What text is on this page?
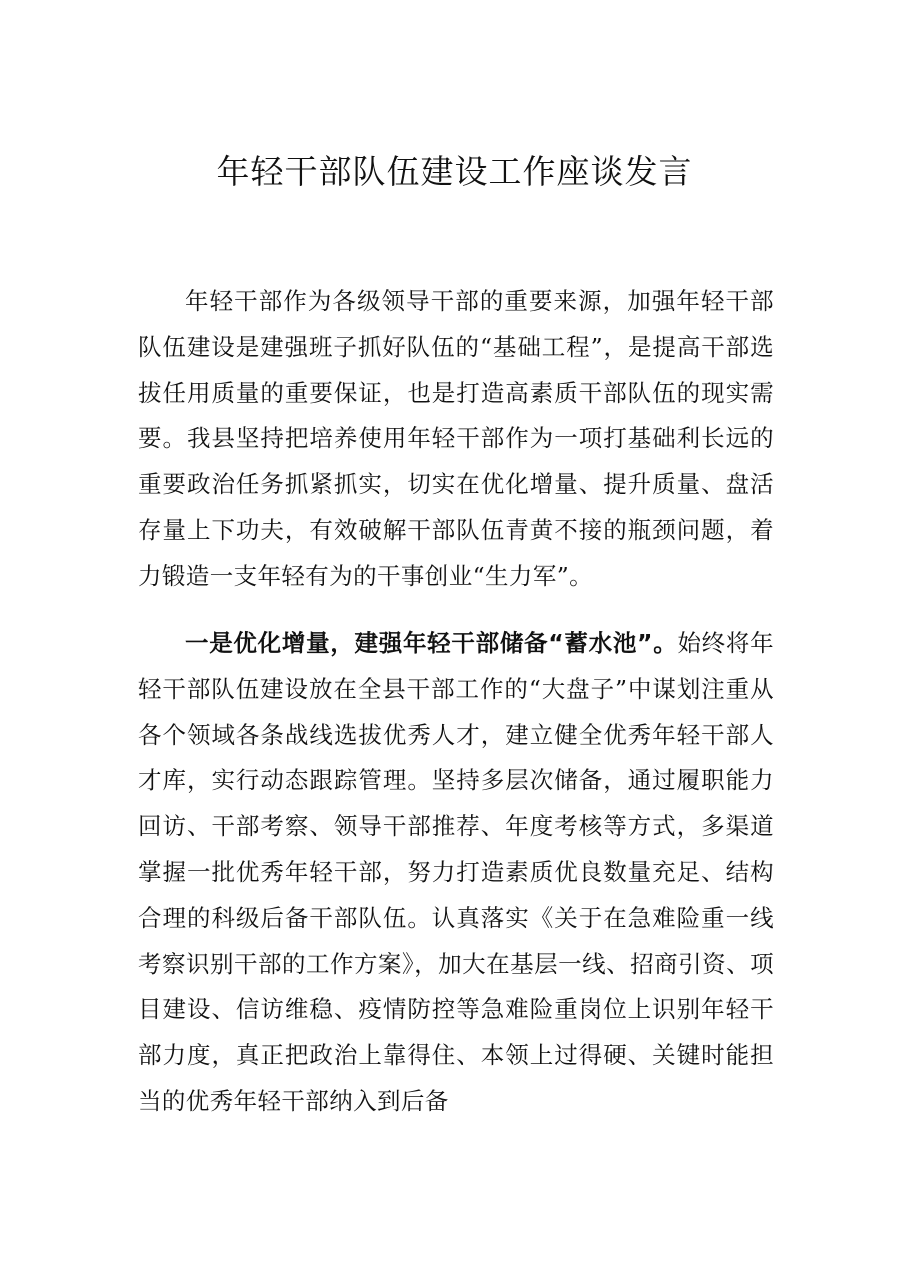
年轻干部队伍建设工作座谈发言

年轻干部作为各级领导干部的重要来源，加强年轻干部队伍建设是建强班子抓好队伍的“基础工程”，是提高干部选拔任用质量的重要保证，也是打造高素质干部队伍的现实需要。我县坚持把培养使用年轻干部作为一项打基础利长远的重要政治任务抓紧抓实，切实在优化增量、提升质量、盘活存量上下功夫，有效破解干部队伍青黄不接的瓶颈问题，着力锻造一支年轻有为的干事创业“生力军”。

一是优化增量，建强年轻干部储备“蓄水池”。始终将年轻干部队伍建设放在全县干部工作的“大盘子”中谋划注重从各个领域各条战线选拔优秀人才，建立健全优秀年轻干部人才库，实行动态跟踪管理。坚持多层次储备，通过履职能力回访、干部考察、领导干部推荐、年度考核等方式，多渠道掌握一批优秀年轻干部，努力打造素质优良数量充足、结构合理的科级后备干部队伍。认真落实《关于在急难险重一线考察识别干部的工作方案》，加大在基层一线、招商引资、项目建设、信访维稳、疫情防控等急难险重岗位上识别年轻干部力度，真正把政治上靠得住、本领上过得硬、关键时能担当的优秀年轻干部纳入到后备
